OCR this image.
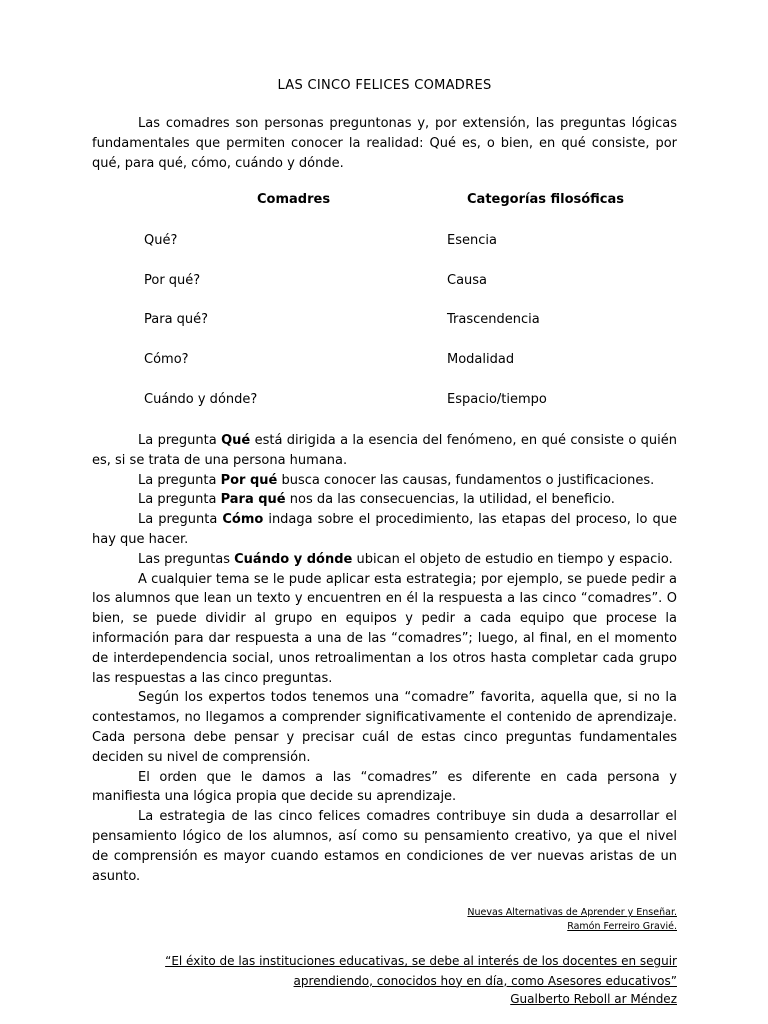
LAS CINCO FELICES COMADRES

Las comadres son personas preguntonas y, por extensión, las preguntas lógicas fundamentales que permiten conocer la realidad: Qué es, o bien, en qué consiste, por qué, para qué, cómo, cuándo y dónde.

Comadres	Categorías filosóficas
Qué?	Esencia
Por qué?	Causa
Para qué?	Trascendencia
Cómo?	Modalidad
Cuándo y dónde?	Espacio/tiempo

La pregunta Qué está dirigida a la esencia del fenómeno, en qué consiste o quién es, si se trata de una persona humana.

La pregunta Por qué busca conocer las causas, fundamentos o justificaciones.

La pregunta Para qué nos da las consecuencias, la utilidad, el beneficio.

La pregunta Cómo indaga sobre el procedimiento, las etapas del proceso, lo que hay que hacer.

Las preguntas Cuándo y dónde ubican el objeto de estudio en tiempo y espacio.

A cualquier tema se le pude aplicar esta estrategia; por ejemplo, se puede pedir a los alumnos que lean un texto y encuentren en él la respuesta a las cinco “comadres”. O bien, se puede dividir al grupo en equipos y pedir a cada equipo que procese la información para dar respuesta a una de las “comadres”; luego, al final, en el momento de interdependencia social, unos retroalimentan a los otros hasta completar cada grupo las respuestas a las cinco preguntas.

Según los expertos todos tenemos una “comadre” favorita, aquella que, si no la contestamos, no llegamos a comprender significativamente el contenido de aprendizaje. Cada persona debe pensar y precisar cuál de estas cinco preguntas fundamentales deciden su nivel de comprensión.

El orden que le damos a las “comadres” es diferente en cada persona y manifiesta una lógica propia que decide su aprendizaje.

La estrategia de las cinco felices comadres contribuye sin duda a desarrollar el pensamiento lógico de los alumnos, así como su pensamiento creativo, ya que el nivel de comprensión es mayor cuando estamos en condiciones de ver nuevas aristas de un asunto.

Nuevas Alternativas de Aprender y Enseñar.
Ramón Ferreiro Gravié.
“El éxito de las instituciones educativas, se debe al interés de los docentes en seguir aprendiendo, conocidos hoy en día, como Asesores educativos”
Gualberto Reboll ar Méndez
